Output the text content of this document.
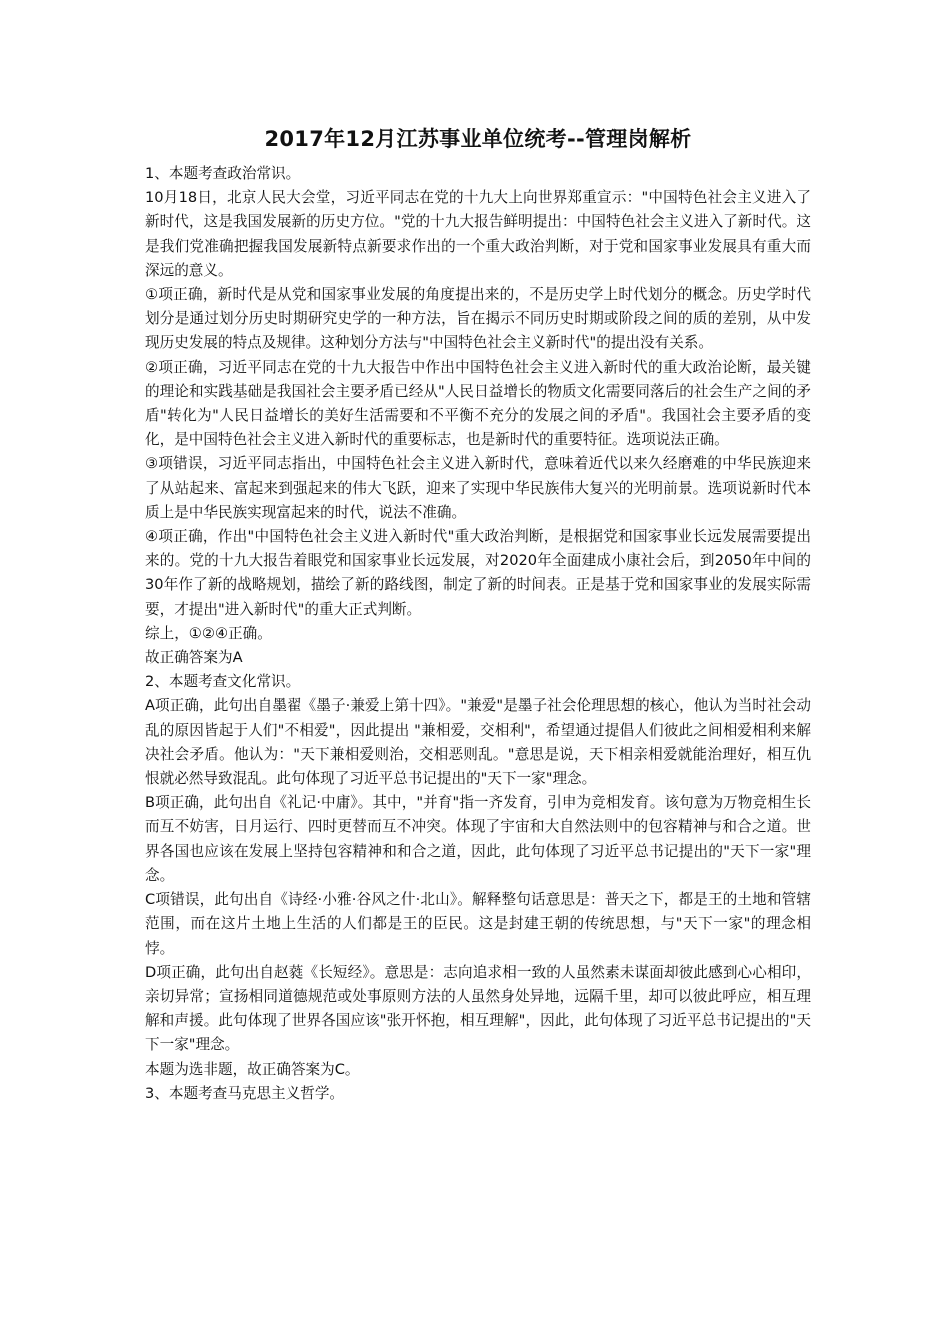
2017年12月江苏事业单位统考--管理岗解析

1、本题考查政治常识。

10月18日，北京人民大会堂，习近平同志在党的十九大上向世界郑重宣示："中国特色社会主义进入了新时代，这是我国发展新的历史方位。"党的十九大报告鲜明提出：中国特色社会主义进入了新时代。这是我们党准确把握我国发展新特点新要求作出的一个重大政治判断，对于党和国家事业发展具有重大而深远的意义。

①项正确，新时代是从党和国家事业发展的角度提出来的，不是历史学上时代划分的概念。历史学时代划分是通过划分历史时期研究史学的一种方法，旨在揭示不同历史时期或阶段之间的质的差别，从中发现历史发展的特点及规律。这种划分方法与"中国特色社会主义新时代"的提出没有关系。

②项正确，习近平同志在党的十九大报告中作出中国特色社会主义进入新时代的重大政治论断，最关键的理论和实践基础是我国社会主要矛盾已经从"人民日益增长的物质文化需要同落后的社会生产之间的矛盾"转化为"人民日益增长的美好生活需要和不平衡不充分的发展之间的矛盾"。我国社会主要矛盾的变化，是中国特色社会主义进入新时代的重要标志，也是新时代的重要特征。选项说法正确。

③项错误，习近平同志指出，中国特色社会主义进入新时代，意味着近代以来久经磨难的中华民族迎来了从站起来、富起来到强起来的伟大飞跃，迎来了实现中华民族伟大复兴的光明前景。选项说新时代本质上是中华民族实现富起来的时代，说法不准确。

④项正确，作出"中国特色社会主义进入新时代"重大政治判断，是根据党和国家事业长远发展需要提出来的。党的十九大报告着眼党和国家事业长远发展，对2020年全面建成小康社会后，到2050年中间的30年作了新的战略规划，描绘了新的路线图，制定了新的时间表。正是基于党和国家事业的发展实际需要，才提出"进入新时代"的重大正式判断。

综上，①②④正确。

故正确答案为A

2、本题考查文化常识。

A项正确，此句出自墨翟《墨子·兼爱上第十四》。"兼爱"是墨子社会伦理思想的核心，他认为当时社会动乱的原因皆起于人们"不相爱"，因此提出 "兼相爱，交相利"，希望通过提倡人们彼此之间相爱相利来解决社会矛盾。他认为："天下兼相爱则治，交相恶则乱。"意思是说，天下相亲相爱就能治理好，相互仇恨就必然导致混乱。此句体现了习近平总书记提出的"天下一家"理念。

B项正确，此句出自《礼记·中庸》。其中，"并育"指一齐发育，引申为竞相发育。该句意为万物竞相生长而互不妨害，日月运行、四时更替而互不冲突。体现了宇宙和大自然法则中的包容精神与和合之道。世界各国也应该在发展上坚持包容精神和和合之道，因此，此句体现了习近平总书记提出的"天下一家"理念。

C项错误，此句出自《诗经·小雅·谷风之什·北山》。解释整句话意思是：普天之下，都是王的土地和管辖范围，而在这片土地上生活的人们都是王的臣民。这是封建王朝的传统思想，与"天下一家"的理念相悖。

D项正确，此句出自赵蕤《长短经》。意思是：志向追求相一致的人虽然素未谋面却彼此感到心心相印，亲切异常；宣扬相同道德规范或处事原则方法的人虽然身处异地，远隔千里，却可以彼此呼应，相互理解和声援。此句体现了世界各国应该"张开怀抱，相互理解"，因此，此句体现了习近平总书记提出的"天下一家"理念。

本题为选非题，故正确答案为C。

3、本题考查马克思主义哲学。
